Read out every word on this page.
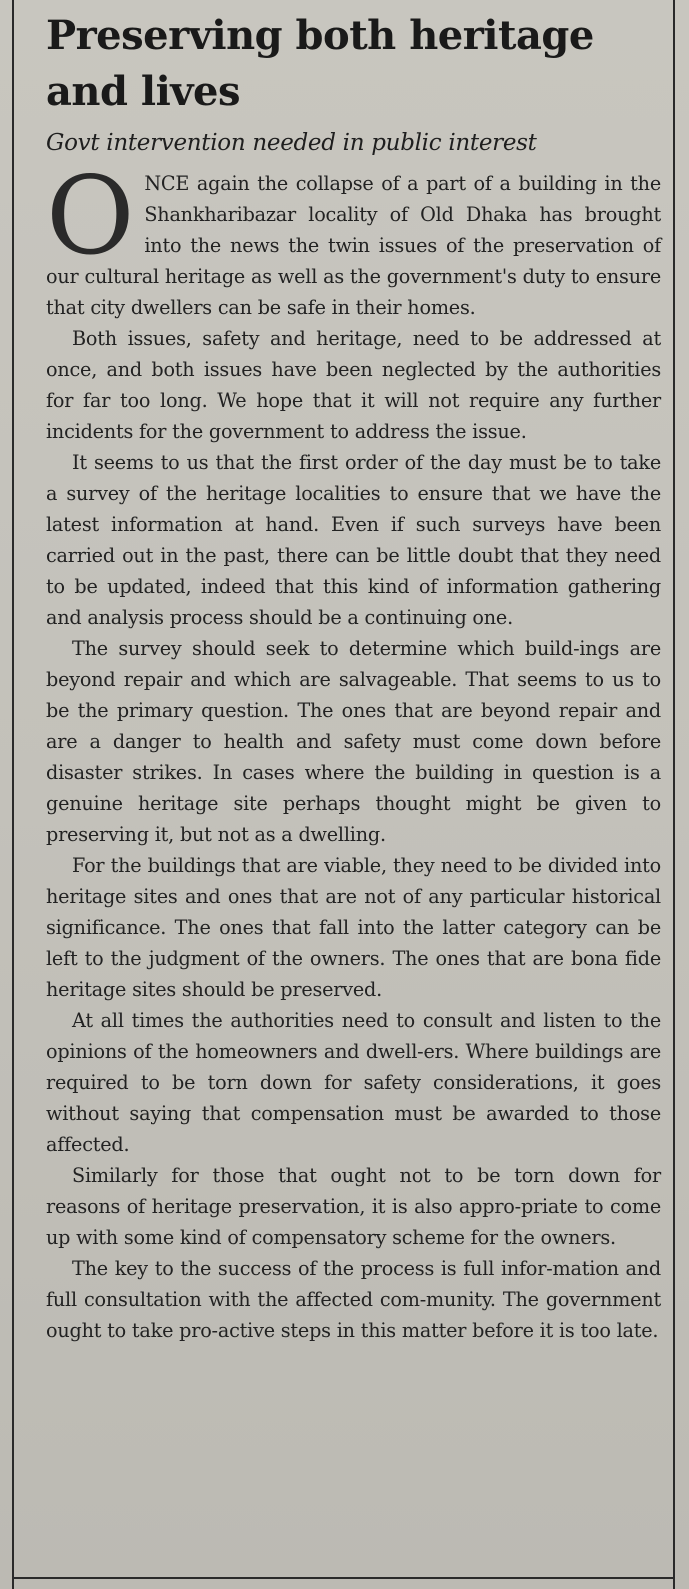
Preserving both heritage
and lives
Govt intervention needed in public interest

ONCE again the collapse of a part of a building in the Shankharibazar locality of Old Dhaka has brought into the news the twin issues of the preservation of our cultural heritage as well as the government's duty to ensure that city dwellers can be safe in their homes.

Both issues, safety and heritage, need to be addressed at once, and both issues have been neglected by the authorities for far too long. We hope that it will not require any further incidents for the government to address the issue.

It seems to us that the first order of the day must be to take a survey of the heritage localities to ensure that we have the latest information at hand. Even if such surveys have been carried out in the past, there can be little doubt that they need to be updated, indeed that this kind of information gathering and analysis process should be a continuing one.

The survey should seek to determine which build-ings are beyond repair and which are salvageable. That seems to us to be the primary question. The ones that are beyond repair and are a danger to health and safety must come down before disaster strikes. In cases where the building in question is a genuine heritage site perhaps thought might be given to preserving it, but not as a dwelling.

For the buildings that are viable, they need to be divided into heritage sites and ones that are not of any particular historical significance. The ones that fall into the latter category can be left to the judgment of the owners. The ones that are bona fide heritage sites should be preserved.

At all times the authorities need to consult and listen to the opinions of the homeowners and dwell-ers. Where buildings are required to be torn down for safety considerations, it goes without saying that compensation must be awarded to those affected.

Similarly for those that ought not to be torn down for reasons of heritage preservation, it is also appro-priate to come up with some kind of compensatory scheme for the owners.

The key to the success of the process is full infor-mation and full consultation with the affected com-munity. The government ought to take pro-active steps in this matter before it is too late.
